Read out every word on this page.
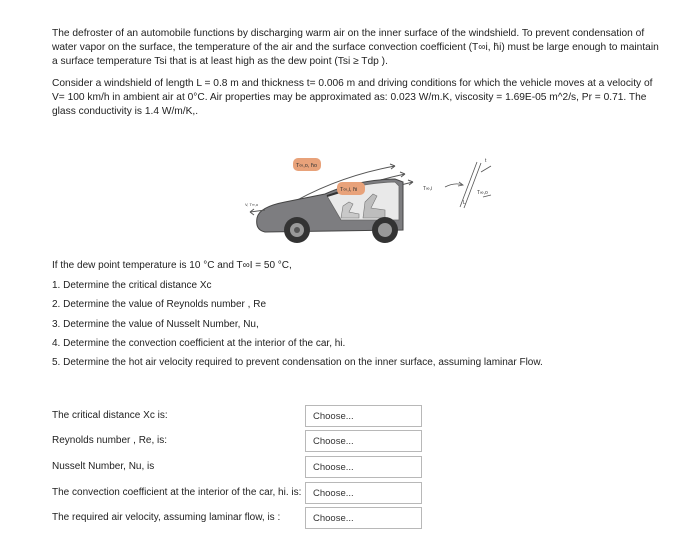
The defroster of an automobile functions by discharging warm air on the inner surface of the windshield. To prevent condensation of water vapor on the surface, the temperature of the air and the surface convection coefficient (T∞i, h̄i) must be large enough to maintain a surface temperature Tsi that is at least high as the dew point (Tsi ≥ Tdp ).
Consider a windshield of length L = 0.8 m and thickness t= 0.006 m and driving conditions for which the vehicle moves at a velocity of V= 100 km/h in ambient air at 0°C. Air properties may be approximated as: 0.023 W/m.K, viscosity = 1.69E-05 m^2/s, Pr = 0.71. The glass conductivity is 1.4 W/m/K,.
V, T∞,o
T∞,o, h̄o
T∞,i, h̄i	T∞,i
T∞,o
L
t
If the dew point temperature is 10 °C and T∞I = 50 °C,
1. Determine the critical distance Xc
2. Determine the value of Reynolds number , Re
3. Determine the value of Nusselt Number, Nu,
4. Determine the convection coefficient at the interior of the car, hi.
5. Determine the hot air velocity required to prevent condensation on the inner surface, assuming laminar Flow.
The critical distance Xc is:	Choose...
Reynolds number , Re, is:	Choose...
Nusselt Number, Nu, is	Choose...
The convection coefficient at the interior of the car, hi. is:	Choose...
The required air velocity, assuming laminar flow, is :	Choose...
